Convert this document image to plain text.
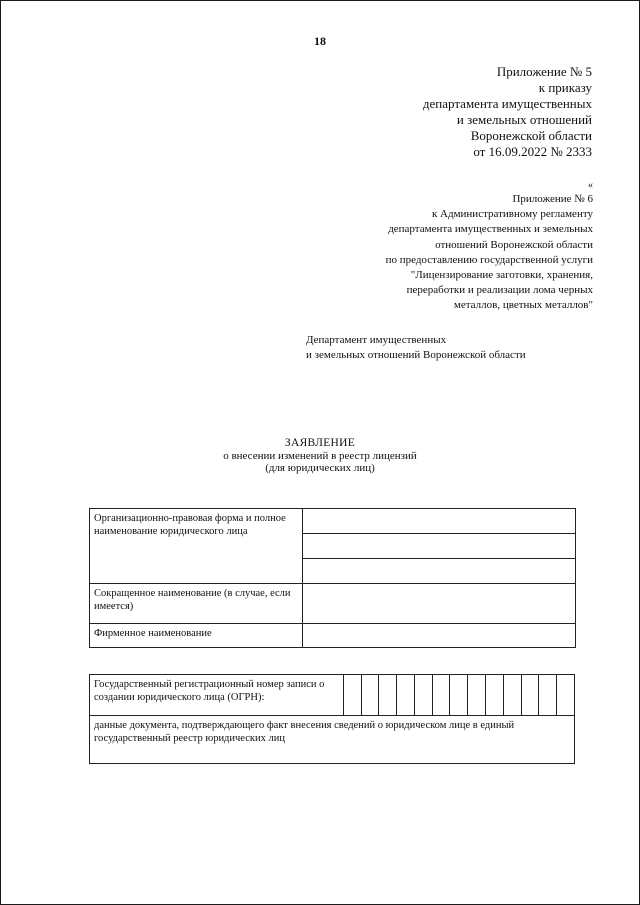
18
Приложение № 5
к приказу
департамента имущественных
и земельных отношений
Воронежской области
от 16.09.2022 № 2333
«
Приложение № 6
к Административному регламенту
департамента имущественных и земельных
отношений Воронежской области
по предоставлению государственной услуги
"Лицензирование заготовки, хранения,
переработки и реализации лома черных
металлов, цветных металлов"
Департамент имущественных
и земельных отношений Воронежской области
ЗАЯВЛЕНИЕ
о внесении изменений в реестр лицензий
(для юридических лиц)
Организационно-правовая форма и полное наименование юридического лица	

Сокращенное наименование (в случае, если имеется)	
Фирменное наименование	
Государственный регистрационный номер записи о создании юридического лица (ОГРН):													
данные документа, подтверждающего факт внесения сведений о юридическом лице в единый государственный реестр юридических лиц
